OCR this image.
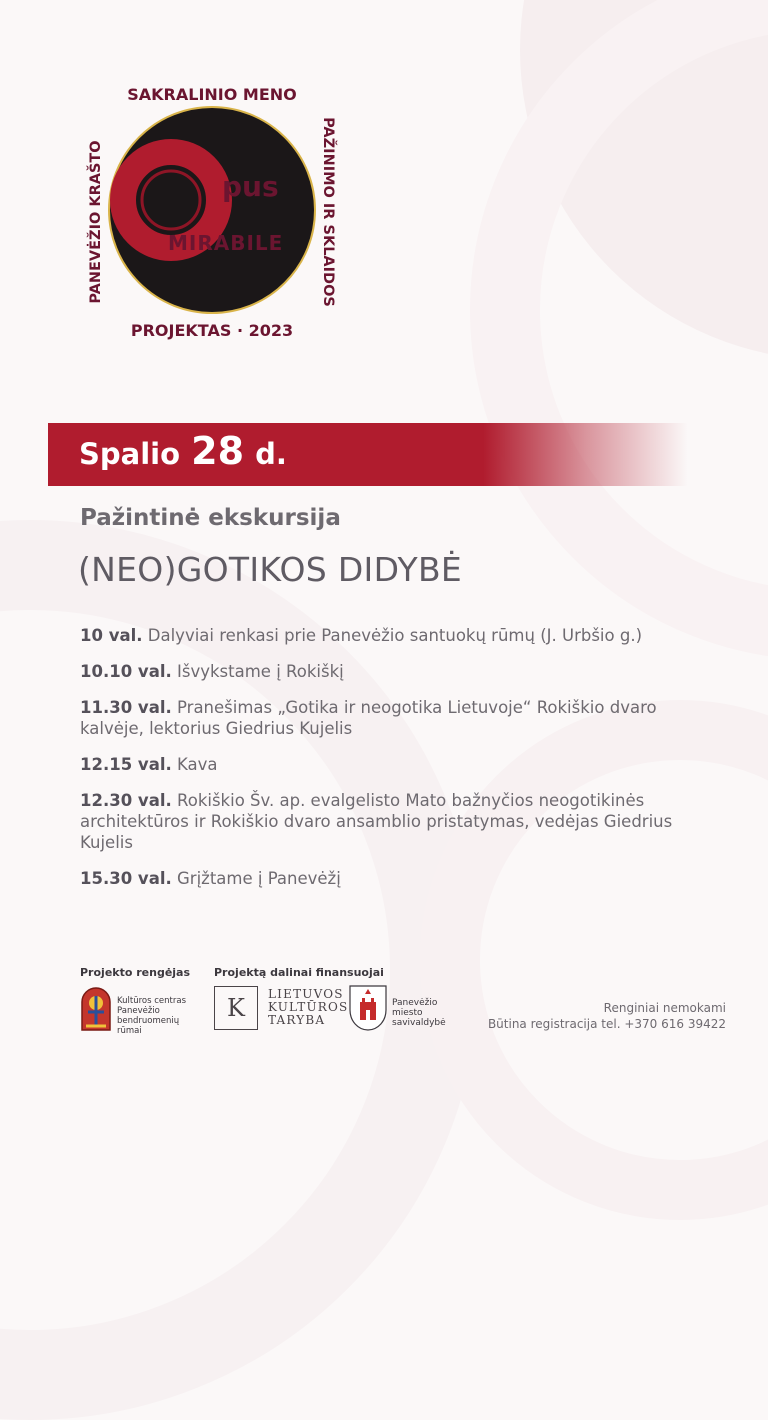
pus
MIRABILE
SAKRALINIO MENO
PROJEKTAS · 2023
PANEVĖŽIO KRAŠTO	PAŽINIMO IR SKLAIDOS
Spalio 28 d.
Pažintinė ekskursija
(NEO)GOTIKOS DIDYBĖ
10 val. Dalyviai renkasi prie Panevėžio santuokų rūmų (J. Urbšio g.)
10.10 val. Išvykstame į Rokiškį
11.30 val. Pranešimas „Gotika ir neogotika Lietuvoje“ Rokiškio dvaro kalvėje, lektorius Giedrius Kujelis
12.15 val. Kava
12.30 val. Rokiškio Šv. ap. evalgelisto Mato bažnyčios neogotikinės architektūros ir Rokiškio dvaro ansamblio pristatymas, vedėjas Giedrius Kujelis
15.30 val. Grįžtame į Panevėžį
Projekto rengėjas Projektą dalinai finansuojai
Kultūros centras
Panevėžio
bendruomenių
rūmai
K	LIETUVOS
KULTŪROS
TARYBA
Panevėžio
miesto
savivaldybė
Renginiai nemokami
Būtina registracija tel. +370 616 39422
